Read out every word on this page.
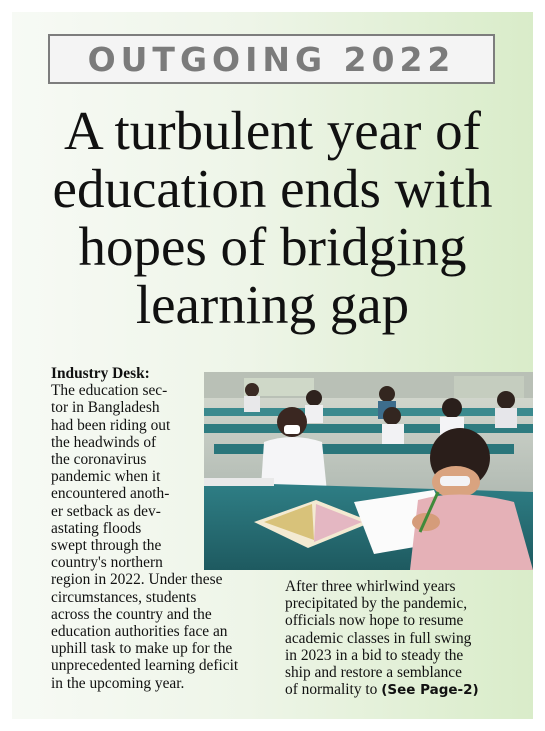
OUTGOING 2022
A turbulent year of
education ends with
hopes of bridging
learning gap
Industry Desk:
The education sec-
tor in Bangladesh
had been riding out
the headwinds of
the coronavirus
pandemic when it
encountered anoth-
er setback as dev-
astating floods
swept through the
country's northern
region in 2022. Under these
circumstances, students
across the country and the
education authorities face an
uphill task to make up for the
unprecedented learning deficit
in the upcoming year.
After three whirlwind years
precipitated by the pandemic,
officials now hope to resume
academic classes in full swing
in 2023 in a bid to steady the
ship and restore a semblance
of normality to (See Page-2)
